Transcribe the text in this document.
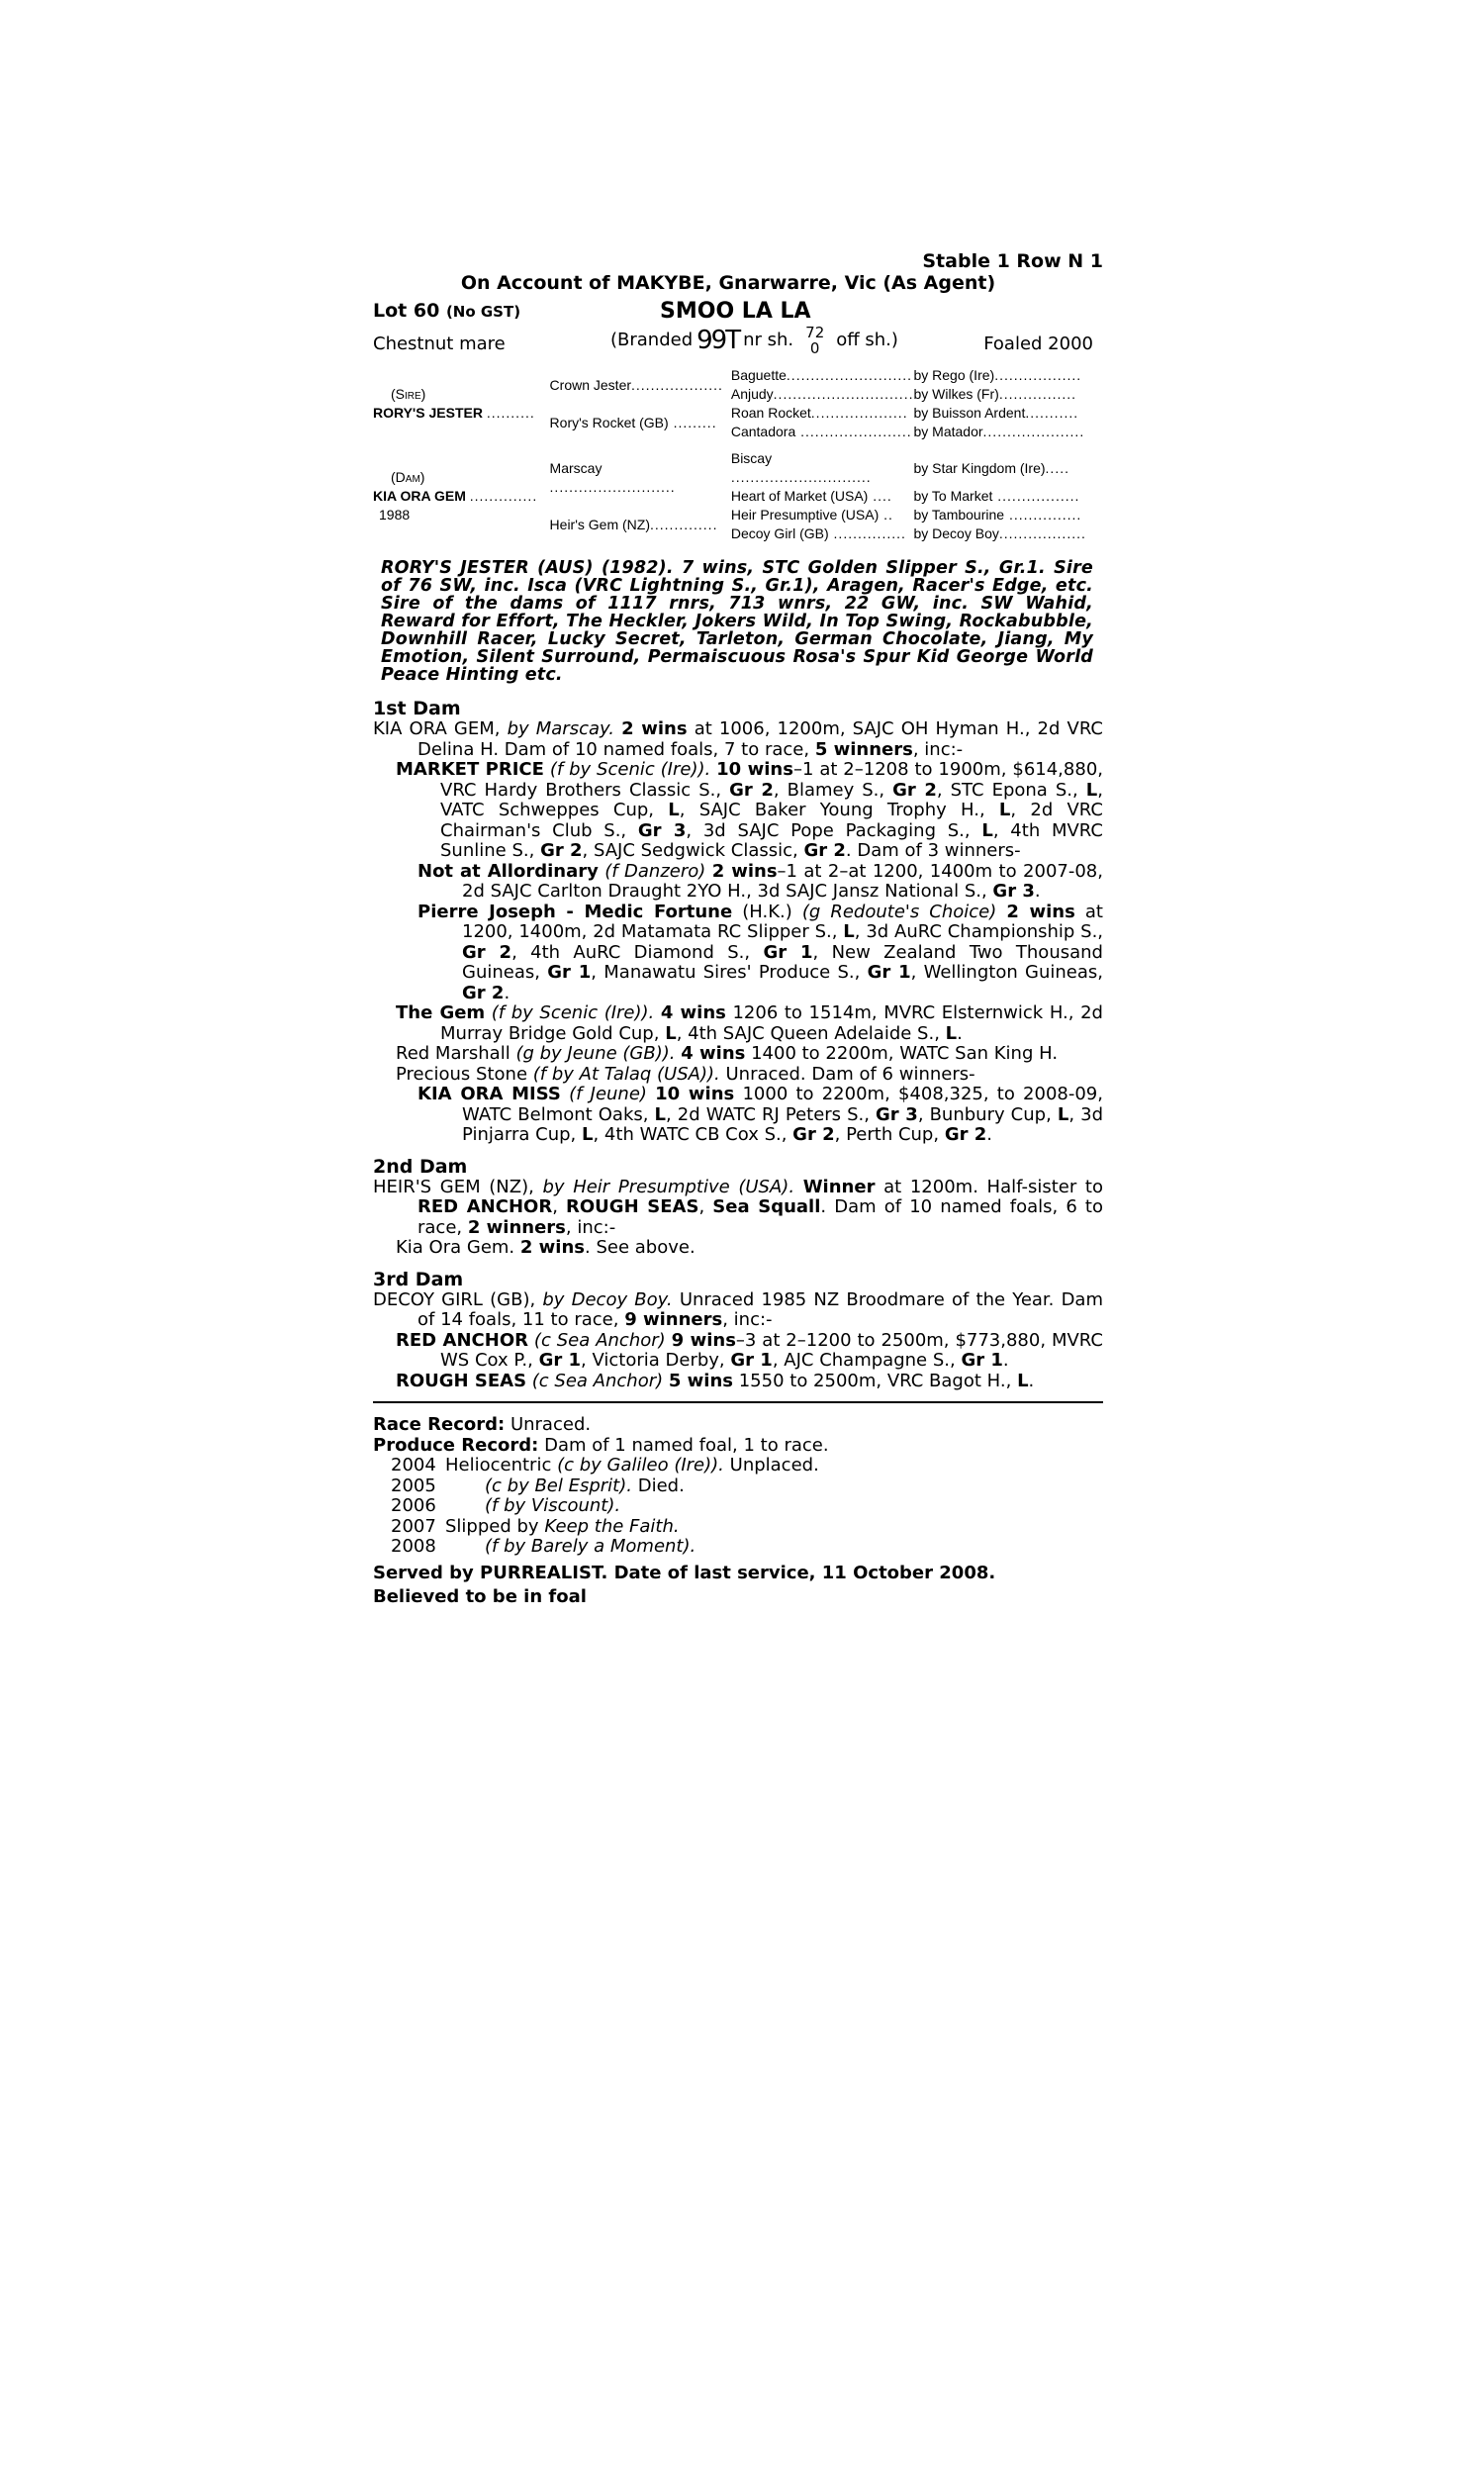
Stable 1 Row N 1
On Account of MAKYBE, Gnarwarre, Vic (As Agent)
Lot 60 (No GST)	SMOO LA LA
Chestnut mare	(Branded 99T nr sh. 72
0 off sh.)	Foaled 2000
(Sire)
RORY'S JESTER ..........	Crown Jester...................	Baguette..........................	by Rego (Ire)..................
		Anjudy.............................	by Wilkes (Fr)................
	Rory's Rocket (GB) .........	Roan Rocket....................	by Buisson Ardent...........
		Cantadora .......................	by Matador.....................

(Dam)
KIA ORA GEM ..............
1988	Marscay ..........................	Biscay .............................	by Star Kingdom (Ire).....
		Heart of Market (USA) ....	by To Market .................
	Heir's Gem (NZ)..............	Heir Presumptive (USA) ..	by Tambourine ...............
		Decoy Girl (GB) ...............	by Decoy Boy..................
RORY'S JESTER (AUS) (1982). 7 wins, STC Golden Slipper S., Gr.1. Sire of 76 SW, inc. Isca (VRC Lightning S., Gr.1), Aragen, Racer's Edge, etc. Sire of the dams of 1117 rnrs, 713 wnrs, 22 GW, inc. SW Wahid, Reward for Effort, The Heckler, Jokers Wild, In Top Swing, Rockabubble, Downhill Racer, Lucky Secret, Tarleton, German Chocolate, Jiang, My Emotion, Silent Surround, Permaiscuous Rosa's Spur Kid George World Peace Hinting etc.
1st Dam

KIA ORA GEM, by Marscay. 2 wins at 1006, 1200m, SAJC OH Hyman H., 2d VRC Delina H. Dam of 10 named foals, 7 to race, 5 winners, inc:-

MARKET PRICE (f by Scenic (Ire)). 10 wins–1 at 2–1208 to 1900m, $614,880, VRC Hardy Brothers Classic S., Gr 2, Blamey S., Gr 2, STC Epona S., L, VATC Schweppes Cup, L, SAJC Baker Young Trophy H., L, 2d VRC Chairman's Club S., Gr 3, 3d SAJC Pope Packaging S., L, 4th MVRC Sunline S., Gr 2, SAJC Sedgwick Classic, Gr 2. Dam of 3 winners-

Not at Allordinary (f Danzero) 2 wins–1 at 2–at 1200, 1400m to 2007-08, 2d SAJC Carlton Draught 2YO H., 3d SAJC Jansz National S., Gr 3.

Pierre Joseph - Medic Fortune (H.K.) (g Redoute's Choice) 2 wins at 1200, 1400m, 2d Matamata RC Slipper S., L, 3d AuRC Championship S., Gr 2, 4th AuRC Diamond S., Gr 1, New Zealand Two Thousand Guineas, Gr 1, Manawatu Sires' Produce S., Gr 1, Wellington Guineas, Gr 2.

The Gem (f by Scenic (Ire)). 4 wins 1206 to 1514m, MVRC Elsternwick H., 2d Murray Bridge Gold Cup, L, 4th SAJC Queen Adelaide S., L.

Red Marshall (g by Jeune (GB)). 4 wins 1400 to 2200m, WATC San King H.

Precious Stone (f by At Talaq (USA)). Unraced. Dam of 6 winners-

KIA ORA MISS (f Jeune) 10 wins 1000 to 2200m, $408,325, to 2008-09, WATC Belmont Oaks, L, 2d WATC RJ Peters S., Gr 3, Bunbury Cup, L, 3d Pinjarra Cup, L, 4th WATC CB Cox S., Gr 2, Perth Cup, Gr 2.

2nd Dam

HEIR'S GEM (NZ), by Heir Presumptive (USA). Winner at 1200m. Half-sister to RED ANCHOR, ROUGH SEAS, Sea Squall. Dam of 10 named foals, 6 to race, 2 winners, inc:-

Kia Ora Gem. 2 wins. See above.

3rd Dam

DECOY GIRL (GB), by Decoy Boy. Unraced 1985 NZ Broodmare of the Year. Dam of 14 foals, 11 to race, 9 winners, inc:-

RED ANCHOR (c Sea Anchor) 9 wins–3 at 2–1200 to 2500m, $773,880, MVRC WS Cox P., Gr 1, Victoria Derby, Gr 1, AJC Champagne S., Gr 1.

ROUGH SEAS (c Sea Anchor) 5 wins 1550 to 2500m, VRC Bagot H., L.

Race Record: Unraced.
Produce Record: Dam of 1 named foal, 1 to race.
2004 Heliocentric (c by Galileo (Ire)). Unplaced.
2005	(c by Bel Esprit). Died.
2006	(f by Viscount).
2007 Slipped by Keep the Faith.
2008	(f by Barely a Moment).
Served by PURREALIST. Date of last service, 11 October 2008.
Believed to be in foal
